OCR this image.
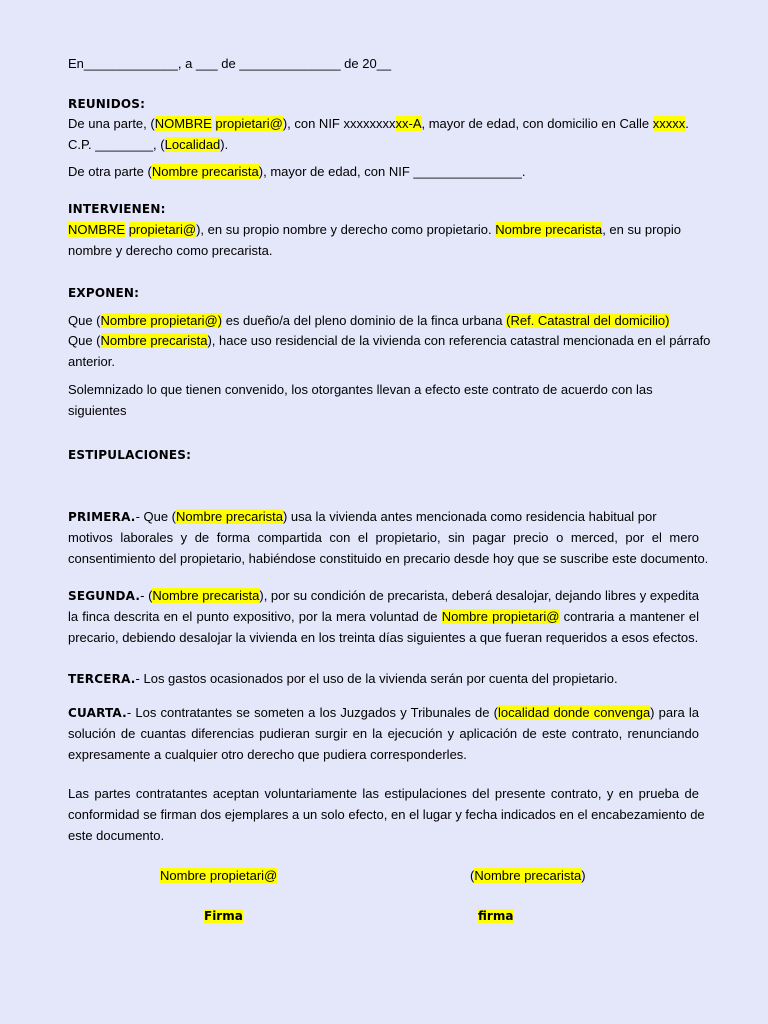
En_____________, a ___ de ______________ de 20__
REUNIDOS:
De una parte, (NOMBRE propietari@), con NIF xxxxxxxxxx-A, mayor de edad, con domicilio en Calle xxxxx.
C.P. ________, (Localidad).
De otra parte (Nombre precarista), mayor de edad, con NIF _______________.
INTERVIENEN:
NOMBRE propietari@), en su propio nombre y derecho como propietario. Nombre precarista, en su propio
nombre y derecho como precarista.
EXPONEN:
Que (Nombre propietari@) es dueño/a del pleno dominio de la finca urbana (Ref. Catastral del domicilio)
Que (Nombre precarista), hace uso residencial de la vivienda con referencia catastral mencionada en el párrafo
anterior.
Solemnizado lo que tienen convenido, los otorgantes llevan a efecto este contrato de acuerdo con las
siguientes
ESTIPULACIONES:
PRIMERA.- Que (Nombre precarista) usa la vivienda antes mencionada como residencia habitual por
motivos laborales y de forma compartida con el propietario, sin pagar precio o merced, por el mero
consentimiento del propietario, habiéndose constituido en precario desde hoy que se suscribe este documento.
SEGUNDA.- (Nombre precarista), por su condición de precarista, deberá desalojar, dejando libres y expedita
la finca descrita en el punto expositivo, por la mera voluntad de Nombre propietari@ contraria a mantener el
precario, debiendo desalojar la vivienda en los treinta días siguientes a que fueran requeridos a esos efectos.
TERCERA.- Los gastos ocasionados por el uso de la vivienda serán por cuenta del propietario.
CUARTA.- Los contratantes se someten a los Juzgados y Tribunales de (localidad donde convenga) para la
solución de cuantas diferencias pudieran surgir en la ejecución y aplicación de este contrato, renunciando
expresamente a cualquier otro derecho que pudiera corresponderles.
Las partes contratantes aceptan voluntariamente las estipulaciones del presente contrato, y en prueba de
conformidad se firman dos ejemplares a un solo efecto, en el lugar y fecha indicados en el encabezamiento de
este documento.
Nombre propietari@	(Nombre precarista)
Firma	firma
